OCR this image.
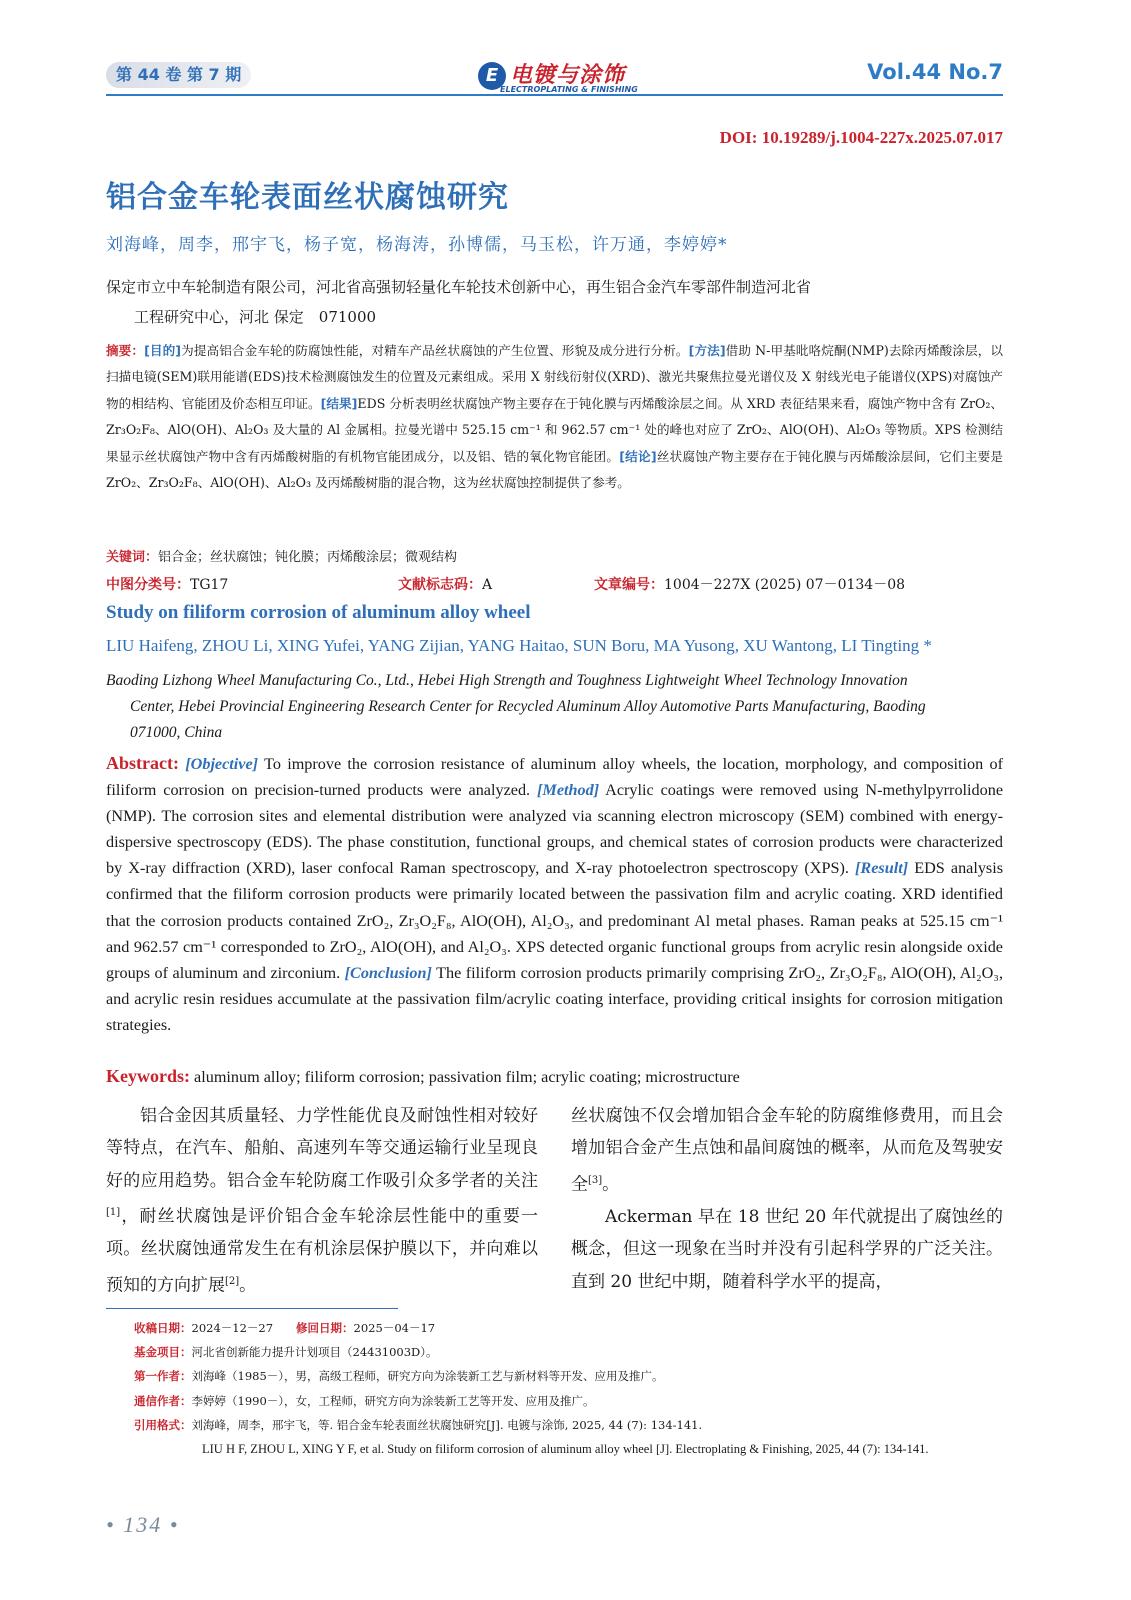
第 44 卷 第 7 期	E 电镀与涂饰
ELECTROPLATING & FINISHING
Vol.44 No.7
DOI: 10.19289/j.1004-227x.2025.07.017
铝合金车轮表面丝状腐蚀研究
刘海峰，周李，邢宇飞，杨子宽，杨海涛，孙博儒，马玉松，许万通，李婷婷*
保定市立中车轮制造有限公司，河北省高强韧轻量化车轮技术创新中心，再生铝合金汽车零部件制造河北省
工程研究中心，河北 保定　071000
摘要：[目的]为提高铝合金车轮的防腐蚀性能，对精车产品丝状腐蚀的产生位置、形貌及成分进行分析。[方法]借助 N-甲基吡咯烷酮(NMP)去除丙烯酸涂层，以扫描电镜(SEM)联用能谱(EDS)技术检测腐蚀发生的位置及元素组成。采用 X 射线衍射仪(XRD)、激光共聚焦拉曼光谱仪及 X 射线光电子能谱仪(XPS)对腐蚀产物的相结构、官能团及价态相互印证。[结果]EDS 分析表明丝状腐蚀产物主要存在于钝化膜与丙烯酸涂层之间。从 XRD 表征结果来看，腐蚀产物中含有 ZrO₂、Zr₃O₂F₈、AlO(OH)、Al₂O₃ 及大量的 Al 金属相。拉曼光谱中 525.15 cm⁻¹ 和 962.57 cm⁻¹ 处的峰也对应了 ZrO₂、AlO(OH)、Al₂O₃ 等物质。XPS 检测结果显示丝状腐蚀产物中含有丙烯酸树脂的有机物官能团成分，以及铝、锆的氧化物官能团。[结论]丝状腐蚀产物主要存在于钝化膜与丙烯酸涂层间，它们主要是 ZrO₂、Zr₃O₂F₈、AlO(OH)、Al₂O₃ 及丙烯酸树脂的混合物，这为丝状腐蚀控制提供了参考。
关键词：铝合金；丝状腐蚀；钝化膜；丙烯酸涂层；微观结构
中图分类号：TG17	文献标志码：A	文章编号：1004－227X (2025) 07－0134－08
Study on filiform corrosion of aluminum alloy wheel
LIU Haifeng, ZHOU Li, XING Yufei, YANG Zijian, YANG Haitao, SUN Boru, MA Yusong, XU Wantong, LI Tingting *
Baoding Lizhong Wheel Manufacturing Co., Ltd., Hebei High Strength and Toughness Lightweight Wheel Technology Innovation
Center, Hebei Provincial Engineering Research Center for Recycled Aluminum Alloy Automotive Parts Manufacturing, Baoding
071000, China
Abstract: [Objective] To improve the corrosion resistance of aluminum alloy wheels, the location, morphology, and composition of filiform corrosion on precision-turned products were analyzed. [Method] Acrylic coatings were removed using N-methylpyrrolidone (NMP). The corrosion sites and elemental distribution were analyzed via scanning electron microscopy (SEM) combined with energy-dispersive spectroscopy (EDS). The phase constitution, functional groups, and chemical states of corrosion products were characterized by X-ray diffraction (XRD), laser confocal Raman spectroscopy, and X-ray photoelectron spectroscopy (XPS). [Result] EDS analysis confirmed that the filiform corrosion products were primarily located between the passivation film and acrylic coating. XRD identified that the corrosion products contained ZrO₂, Zr₃O₂F₈, AlO(OH), Al₂O₃, and predominant Al metal phases. Raman peaks at 525.15 cm⁻¹ and 962.57 cm⁻¹ corresponded to ZrO₂, AlO(OH), and Al₂O₃. XPS detected organic functional groups from acrylic resin alongside oxide groups of aluminum and zirconium. [Conclusion] The filiform corrosion products primarily comprising ZrO₂, Zr₃O₂F₈, AlO(OH), Al₂O₃, and acrylic resin residues accumulate at the passivation film/acrylic coating interface, providing critical insights for corrosion mitigation strategies.
Keywords: aluminum alloy; filiform corrosion; passivation film; acrylic coating; microstructure

铝合金因其质量轻、力学性能优良及耐蚀性相对较好等特点，在汽车、船舶、高速列车等交通运输行业呈现良好的应用趋势。铝合金车轮防腐工作吸引众多学者的关注[1]，耐丝状腐蚀是评价铝合金车轮涂层性能中的重要一项。丝状腐蚀通常发生在有机涂层保护膜以下，并向难以预知的方向扩展[2]。

丝状腐蚀不仅会增加铝合金车轮的防腐维修费用，而且会增加铝合金产生点蚀和晶间腐蚀的概率，从而危及驾驶安全[3]。

Ackerman 早在 18 世纪 20 年代就提出了腐蚀丝的概念，但这一现象在当时并没有引起科学界的广泛关注。直到 20 世纪中期，随着科学水平的提高，

收稿日期：2024－12－27　　 修回日期：2025－04－17
基金项目：河北省创新能力提升计划项目（24431003D）。
第一作者：刘海峰（1985－），男，高级工程师，研究方向为涂装新工艺与新材料等开发、应用及推广。
通信作者：李婷婷（1990－），女，工程师，研究方向为涂装新工艺等开发、应用及推广。
引用格式：刘海峰，周李，邢宇飞，等. 铝合金车轮表面丝状腐蚀研究[J]. 电镀与涂饰, 2025, 44 (7): 134-141.
LIU H F, ZHOU L, XING Y F, et al. Study on filiform corrosion of aluminum alloy wheel [J]. Electroplating & Finishing, 2025, 44 (7): 134-141.
• 134 •
